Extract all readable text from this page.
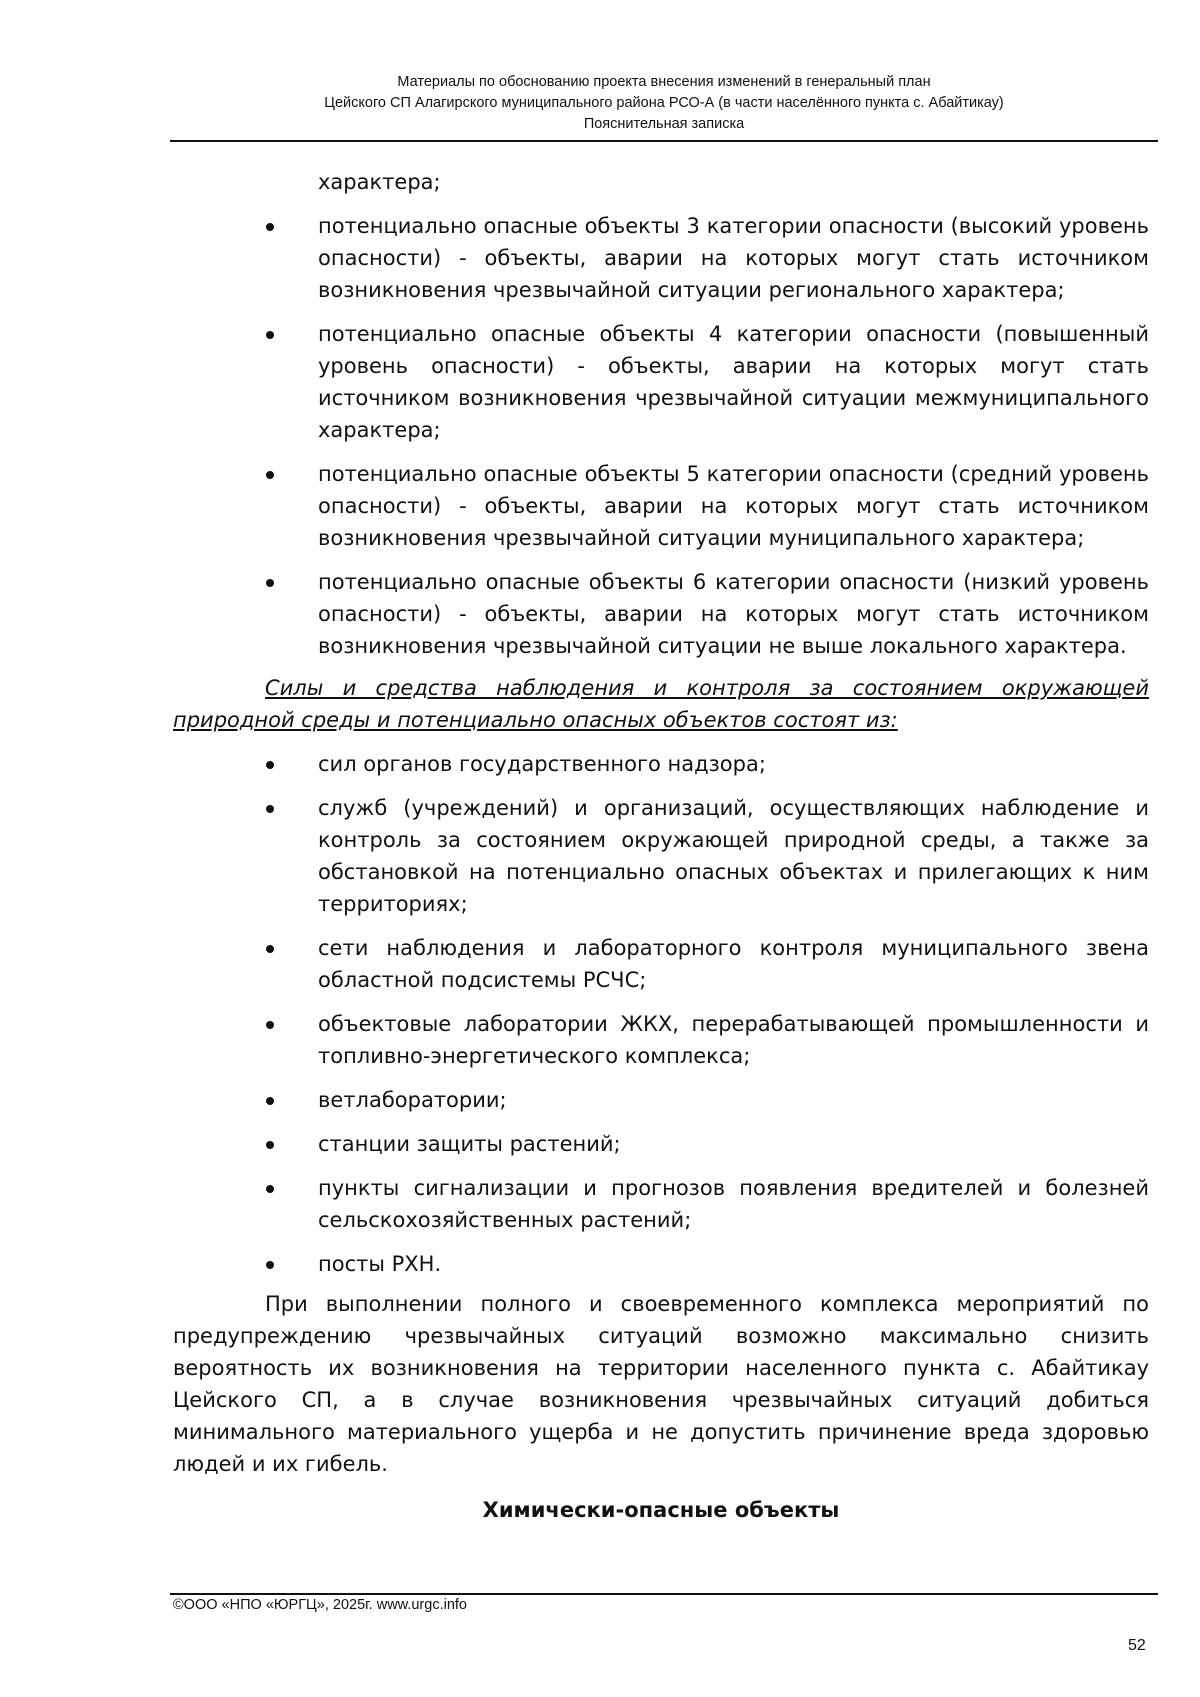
Материалы по обоснованию проекта внесения изменений в генеральный план
Цейского СП Алагирского муниципального района РСО-А (в части населённого пункта с. Абайтикау)
Пояснительная записка
характера;
потенциально опасные объекты 3 категории опасности (высокий уровень опасности) - объекты, аварии на которых могут стать источником возникновения чрезвычайной ситуации регионального характера;
потенциально опасные объекты 4 категории опасности (повышенный уровень опасности) - объекты, аварии на которых могут стать источником возникновения чрезвычайной ситуации межмуниципального характера;
потенциально опасные объекты 5 категории опасности (средний уровень опасности) - объекты, аварии на которых могут стать источником возникновения чрезвычайной ситуации муниципального характера;
потенциально опасные объекты 6 категории опасности (низкий уровень опасности) - объекты, аварии на которых могут стать источником возникновения чрезвычайной ситуации не выше локального характера.
Силы и средства наблюдения и контроля за состоянием окружающей природной среды и потенциально опасных объектов состоят из:
сил органов государственного надзора;
служб (учреждений) и организаций, осуществляющих наблюдение и контроль за состоянием окружающей природной среды, а также за обстановкой на потенциально опасных объектах и прилегающих к ним территориях;
сети наблюдения и лабораторного контроля муниципального звена областной подсистемы РСЧС;
объектовые лаборатории ЖКХ, перерабатывающей промышленности и топливно-энергетического комплекса;
ветлаборатории;
станции защиты растений;
пункты сигнализации и прогнозов появления вредителей и болезней сельскохозяйственных растений;
посты РХН.
При выполнении полного и своевременного комплекса мероприятий по предупреждению чрезвычайных ситуаций возможно максимально снизить вероятность их возникновения на территории населенного пункта с. Абайтикау Цейского СП, а в случае возникновения чрезвычайных ситуаций добиться минимального материального ущерба и не допустить причинение вреда здоровью людей и их гибель.
Химически-опасные объекты
©ООО «НПО «ЮРГЦ», 2025г. www.urgc.info
52
